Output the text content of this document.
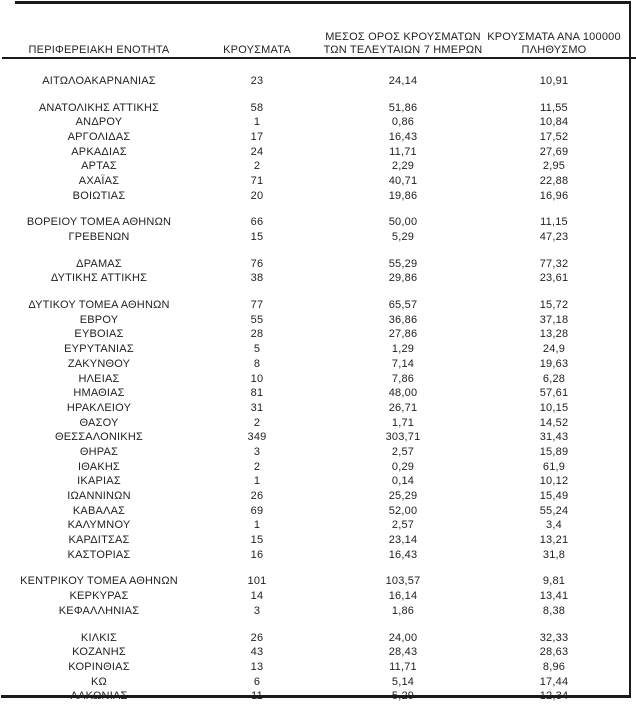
ΠΕΡΙΦΕΡΕΙΑΚΗ ΕΝΟΤΗΤΑ	ΚΡΟΥΣΜΑΤΑ	ΜΕΣΟΣ ΟΡΟΣ ΚΡΟΥΣΜΑΤΩΝ
ΤΩΝ ΤΕΛΕΥΤΑΙΩΝ 7 ΗΜΕΡΩΝ	ΚΡΟΥΣΜΑΤΑ ΑΝΑ 100000
ΠΛΗΘΥΣΜΟ

ΑΙΤΩΛΟΑΚΑΡΝΑΝΙΑΣ	23	24,14	10,91

ΑΝΑΤΟΛΙΚΗΣ ΑΤΤΙΚΗΣ	58	51,86	11,55
ΑΝΔΡΟΥ	1	0,86	10,84
ΑΡΓΟΛΙΔΑΣ	17	16,43	17,52
ΑΡΚΑΔΙΑΣ	24	11,71	27,69
ΑΡΤΑΣ	2	2,29	2,95
ΑΧΑΪΑΣ	71	40,71	22,88
ΒΟΙΩΤΙΑΣ	20	19,86	16,96

ΒΟΡΕΙΟΥ ΤΟΜΕΑ ΑΘΗΝΩΝ	66	50,00	11,15
ΓΡΕΒΕΝΩΝ	15	5,29	47,23

ΔΡΑΜΑΣ	76	55,29	77,32
ΔΥΤΙΚΗΣ ΑΤΤΙΚΗΣ	38	29,86	23,61

ΔΥΤΙΚΟΥ ΤΟΜΕΑ ΑΘΗΝΩΝ	77	65,57	15,72
ΕΒΡΟΥ	55	36,86	37,18
ΕΥΒΟΙΑΣ	28	27,86	13,28
ΕΥΡΥΤΑΝΙΑΣ	5	1,29	24,9
ΖΑΚΥΝΘΟΥ	8	7,14	19,63
ΗΛΕΙΑΣ	10	7,86	6,28
ΗΜΑΘΙΑΣ	81	48,00	57,61
ΗΡΑΚΛΕΙΟΥ	31	26,71	10,15
ΘΑΣΟΥ	2	1,71	14,52
ΘΕΣΣΑΛΟΝΙΚΗΣ	349	303,71	31,43
ΘΗΡΑΣ	3	2,57	15,89
ΙΘΑΚΗΣ	2	0,29	61,9
ΙΚΑΡΙΑΣ	1	0,14	10,12
ΙΩΑΝΝΙΝΩΝ	26	25,29	15,49
ΚΑΒΑΛΑΣ	69	52,00	55,24
ΚΑΛΥΜΝΟΥ	1	2,57	3,4
ΚΑΡΔΙΤΣΑΣ	15	23,14	13,21
ΚΑΣΤΟΡΙΑΣ	16	16,43	31,8

ΚΕΝΤΡΙΚΟΥ ΤΟΜΕΑ ΑΘΗΝΩΝ	101	103,57	9,81
ΚΕΡΚΥΡΑΣ	14	16,14	13,41
ΚΕΦΑΛΛΗΝΙΑΣ	3	1,86	8,38

ΚΙΛΚΙΣ	26	24,00	32,33
ΚΟΖΑΝΗΣ	43	28,43	28,63
ΚΟΡΙΝΘΙΑΣ	13	11,71	8,96
ΚΩ	6	5,14	17,44
ΛΑΚΩΝΙΑΣ	11	5,29	12,34
